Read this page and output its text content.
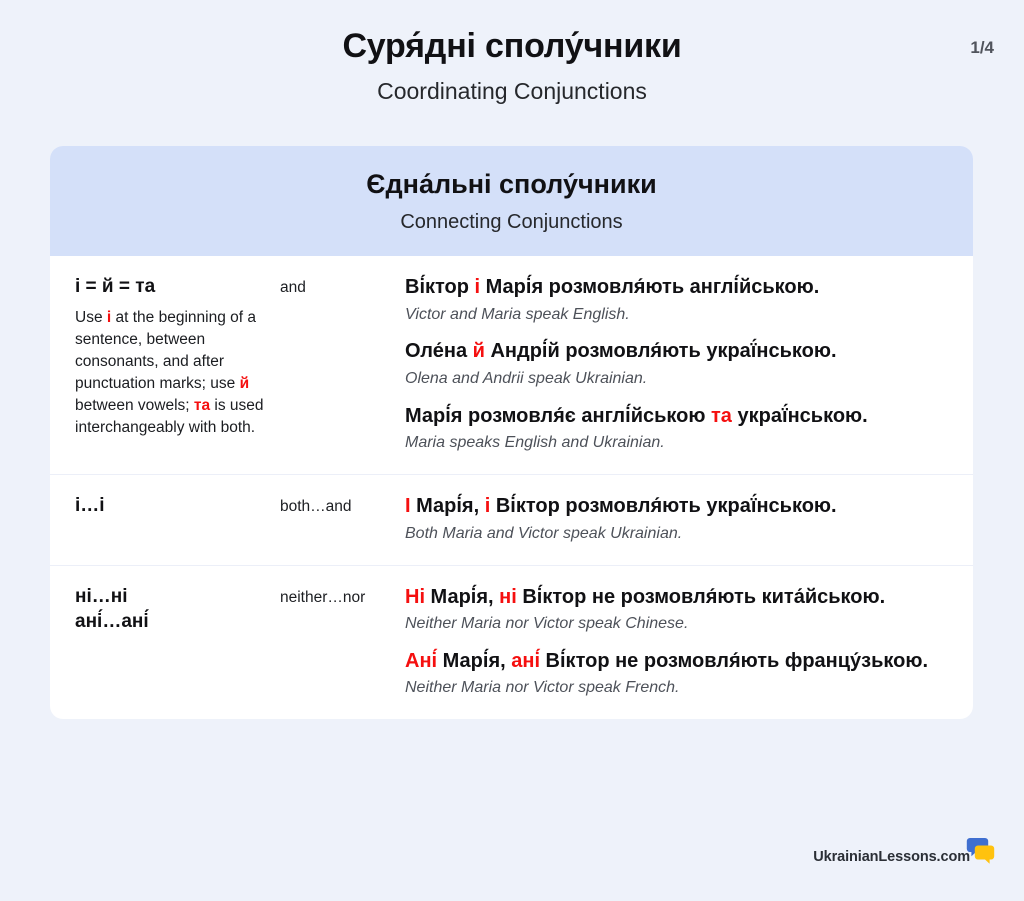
Суря́дні сполу́чники
Coordinating Conjunctions
1/4
Єдна́льні сполу́чники
Connecting Conjunctions
і = й = та
Use і at the beginning of a sentence, between consonants, and after punctuation marks; use й between vowels; та is used interchangeably with both.
and	Ві́ктор і Марі́я розмовля́ють англі́йською.
Victor and Maria speak English.
Оле́на й Андрі́й розмовля́ють украї́нською.
Olena and Andrii speak Ukrainian.
Марі́я розмовля́є англі́йською та украї́нською.
Maria speaks English and Ukrainian.
і…і	both…and	І Марі́я, і Ві́ктор розмовля́ють украї́нською.
Both Maria and Victor speak Ukrainian.
ні…ні
ані́…ані́
neither…nor	Ні Марі́я, ні Ві́ктор не розмовля́ють кита́йською.
Neither Maria nor Victor speak Chinese.
Ані́ Марі́я, ані́ Ві́ктор не розмовля́ють францу́зькою.
Neither Maria nor Victor speak French.
UkrainianLessons.com
